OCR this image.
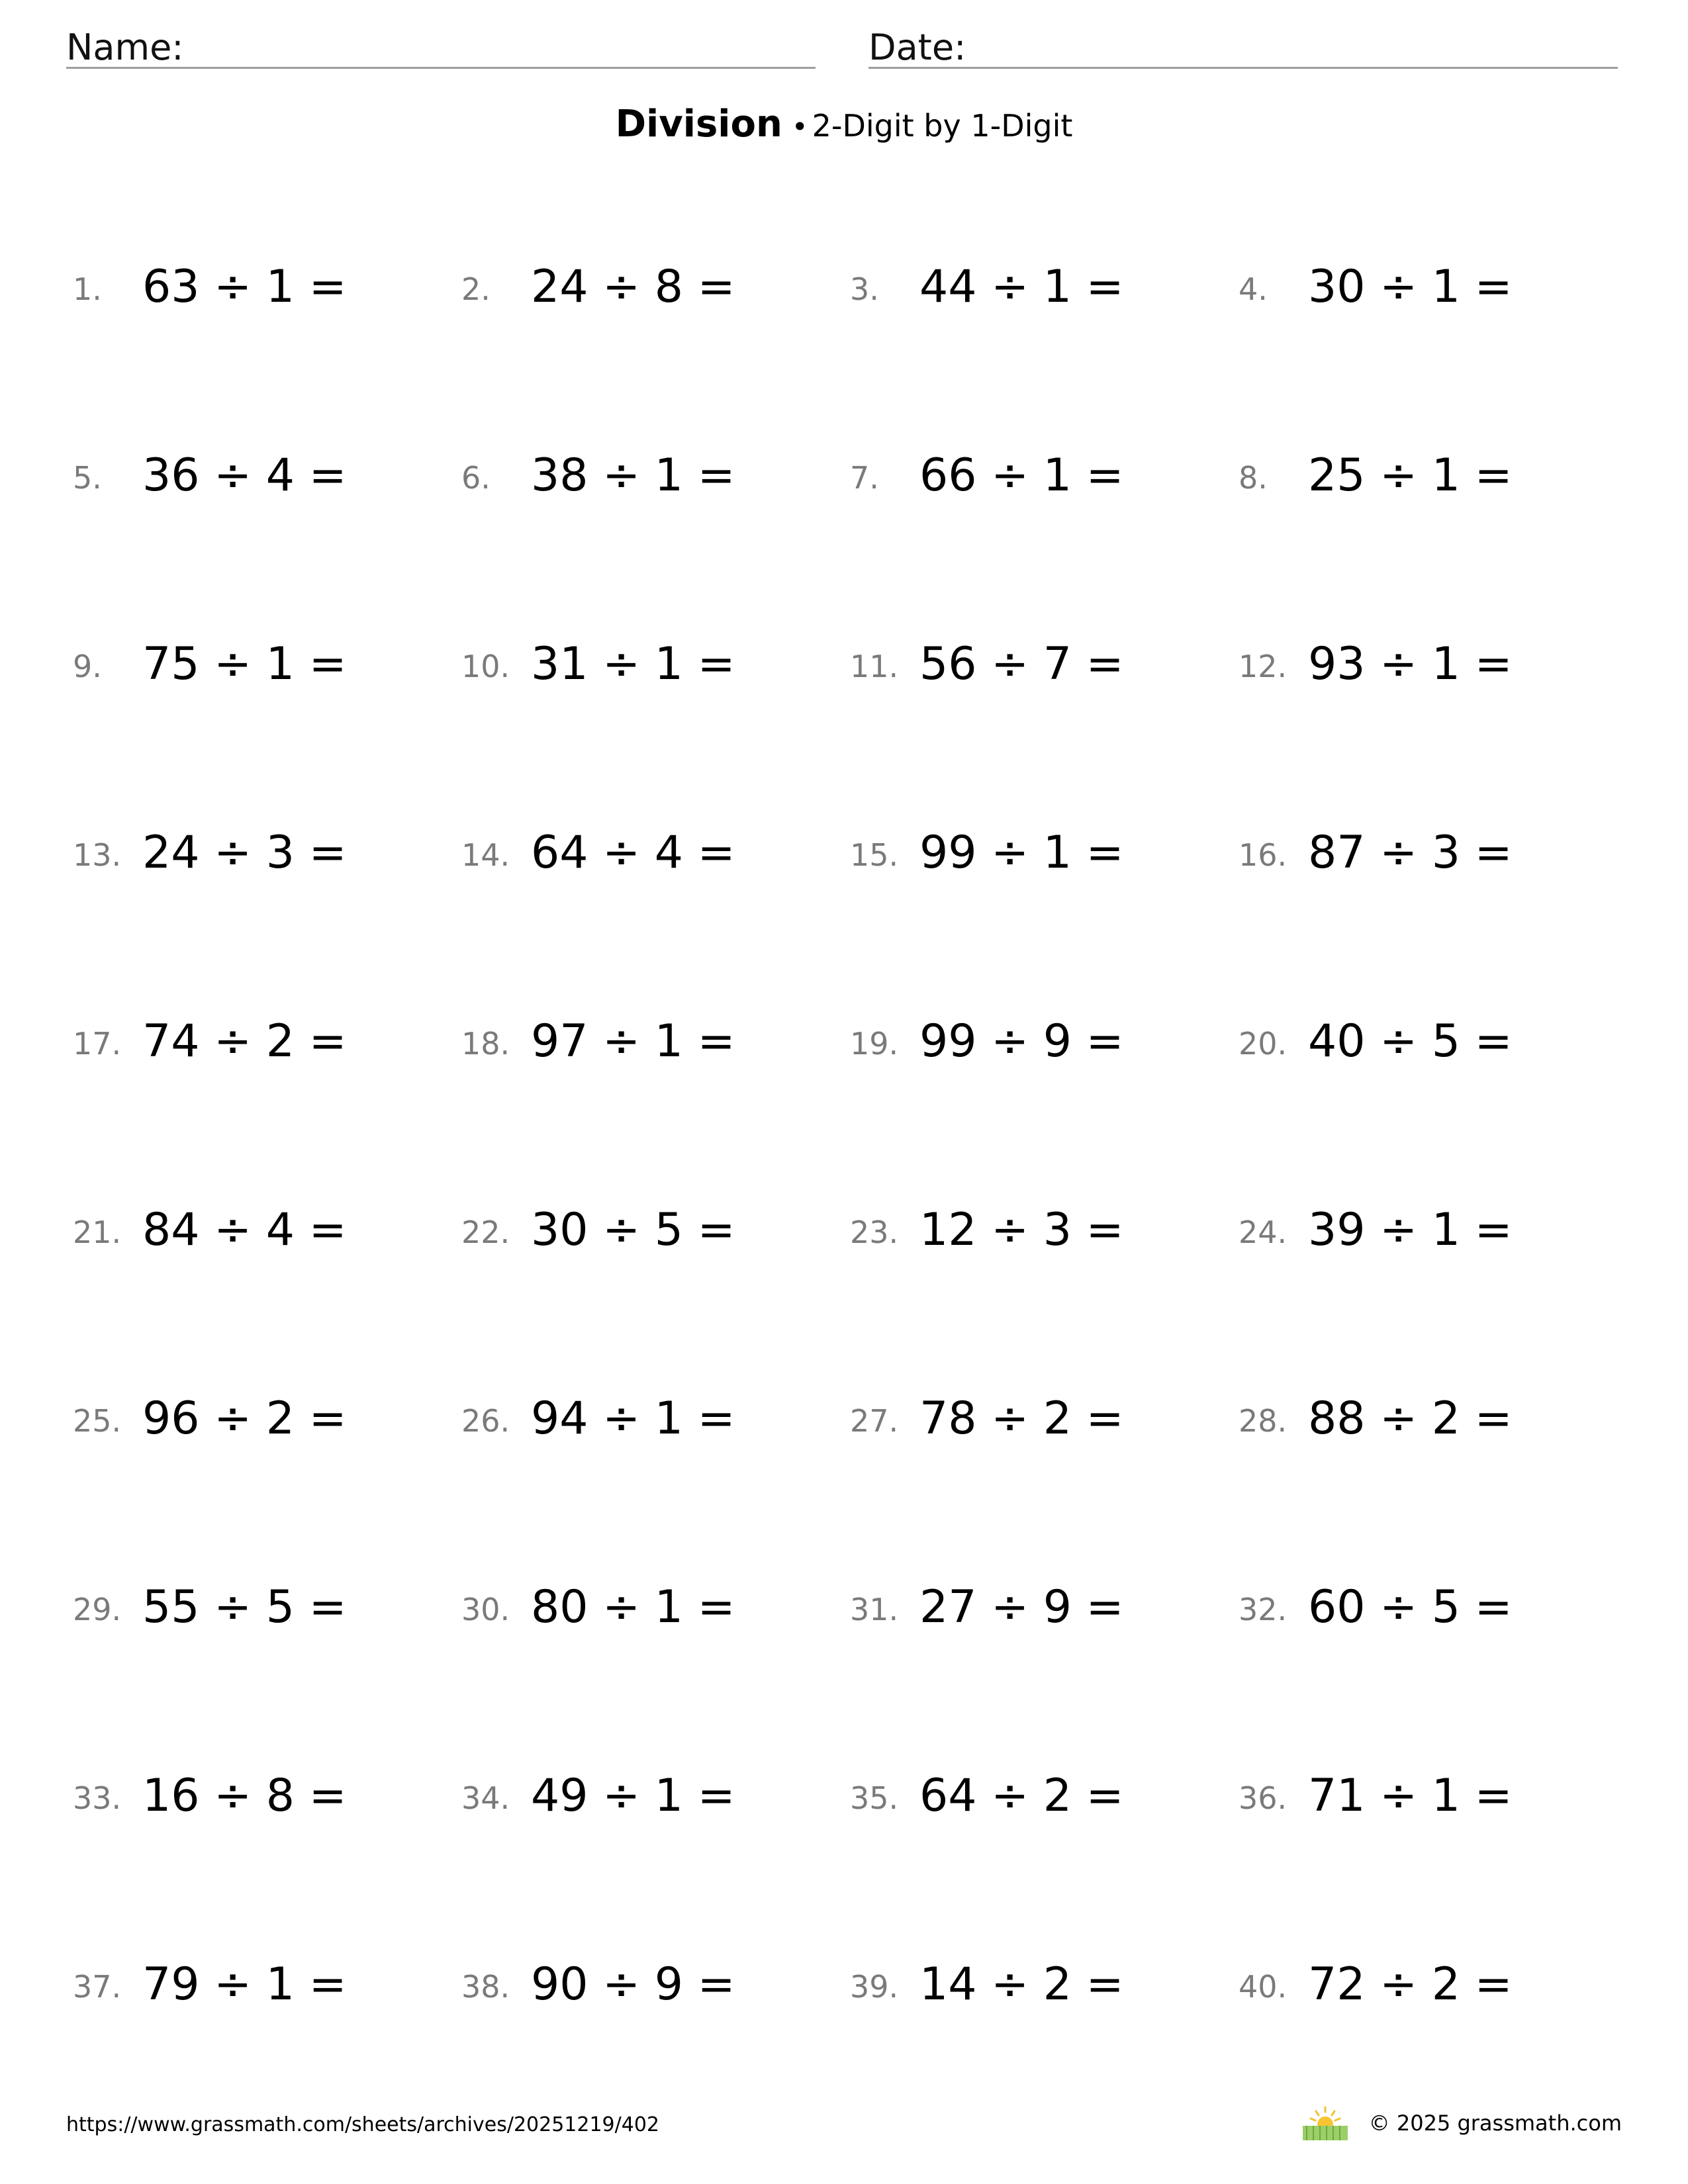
Name:	Date:
Division • 2-Digit by 1-Digit
1. 63 ÷ 1 =	2. 24 ÷ 8 =	3. 44 ÷ 1 =	4. 30 ÷ 1 =
5. 36 ÷ 4 =	6. 38 ÷ 1 =	7. 66 ÷ 1 =	8. 25 ÷ 1 =
9. 75 ÷ 1 =	10. 31 ÷ 1 =	11. 56 ÷ 7 =	12. 93 ÷ 1 =
13. 24 ÷ 3 =	14. 64 ÷ 4 =	15. 99 ÷ 1 =	16. 87 ÷ 3 =
17. 74 ÷ 2 =	18. 97 ÷ 1 =	19. 99 ÷ 9 =	20. 40 ÷ 5 =
21. 84 ÷ 4 =	22. 30 ÷ 5 =	23. 12 ÷ 3 =	24. 39 ÷ 1 =
25. 96 ÷ 2 =	26. 94 ÷ 1 =	27. 78 ÷ 2 =	28. 88 ÷ 2 =
29. 55 ÷ 5 =	30. 80 ÷ 1 =	31. 27 ÷ 9 =	32. 60 ÷ 5 =
33. 16 ÷ 8 =	34. 49 ÷ 1 =	35. 64 ÷ 2 =	36. 71 ÷ 1 =
37. 79 ÷ 1 =	38. 90 ÷ 9 =	39. 14 ÷ 2 =	40. 72 ÷ 2 =
https://www.grassmath.com/sheets/archives/20251219/402	© 2025 grassmath.com
